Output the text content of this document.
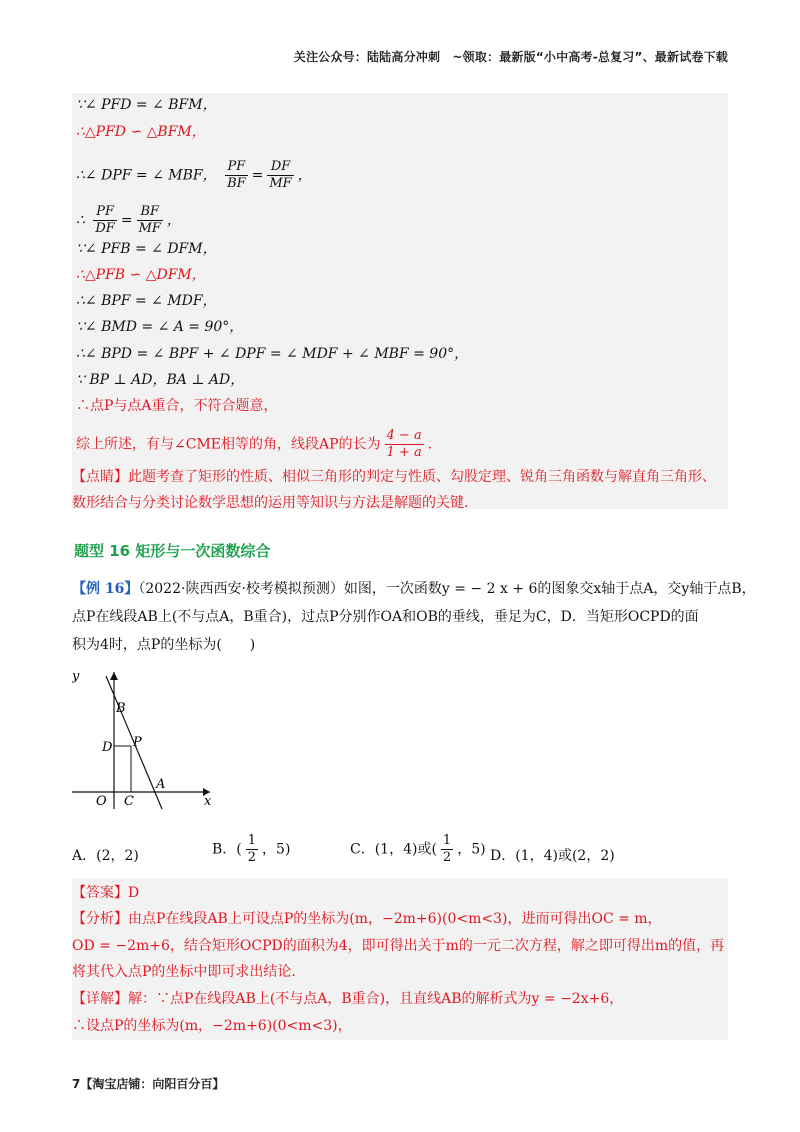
关注公众号：陆陆高分冲刺　~领取：最新版“小中高考-总复习”、最新试卷下载
∵∠ PFD = ∠ BFM，
∴△PFD ∽ △BFM，
∴∠ DPF = ∠ MBF， $\frac{PF}{BF} = \frac{DF}{MF}$ ，
∴ $\frac{PF}{DF} = \frac{BF}{MF}$ ，
∵∠ PFB = ∠ DFM，
∴△PFB ∽ △DFM，
∴∠ BPF = ∠ MDF，
∵∠ BMD = ∠ A = 90°，
∴∠ BPD = ∠ BPF + ∠ DPF = ∠ MDF + ∠ MBF = 90°，
∵ BP ⊥ AD，BA ⊥ AD，
∴点P与点A重合，不符合题意，
综上所述，有与∠CME相等的角，线段AP的长为 $\frac{4 - a}{1 + a}$ .
【点睛】此题考查了矩形的性质、相似三角形的判定与性质、勾股定理、锐角三角函数与解直角三角形、
数形结合与分类讨论数学思想的运用等知识与方法是解题的关键.
题型 16 矩形与一次函数综合
【例 16】（2022·陕西西安·校考模拟预测）如图，一次函数y = − 2 x + 6的图象交x轴于点A，交y轴于点B，
点P在线段AB上(不与点A，B重合)，过点P分别作OA和OB的垂线，垂足为C，D．当矩形OCPD的面
积为4时，点P的坐标为(　　)
y
x
B
D P
A
O C
A．(2，2)	B．( $\frac{1}{2}$ ，5)	C．(1，4)或( $\frac{1}{2}$ ，5) D．(1，4)或(2，2)
【答案】D
【分析】由点P在线段AB上可设点P的坐标为(m，−2m+6)(0<m<3)，进而可得出OC = m，
OD = −2m+6，结合矩形OCPD的面积为4，即可得出关于m的一元二次方程，解之即可得出m的值，再
将其代入点P的坐标中即可求出结论．
【详解】解：∵点P在线段AB上(不与点A，B重合)，且直线AB的解析式为y = −2x+6，
∴设点P的坐标为(m，−2m+6)(0<m<3)，
7【淘宝店铺：向阳百分百】
